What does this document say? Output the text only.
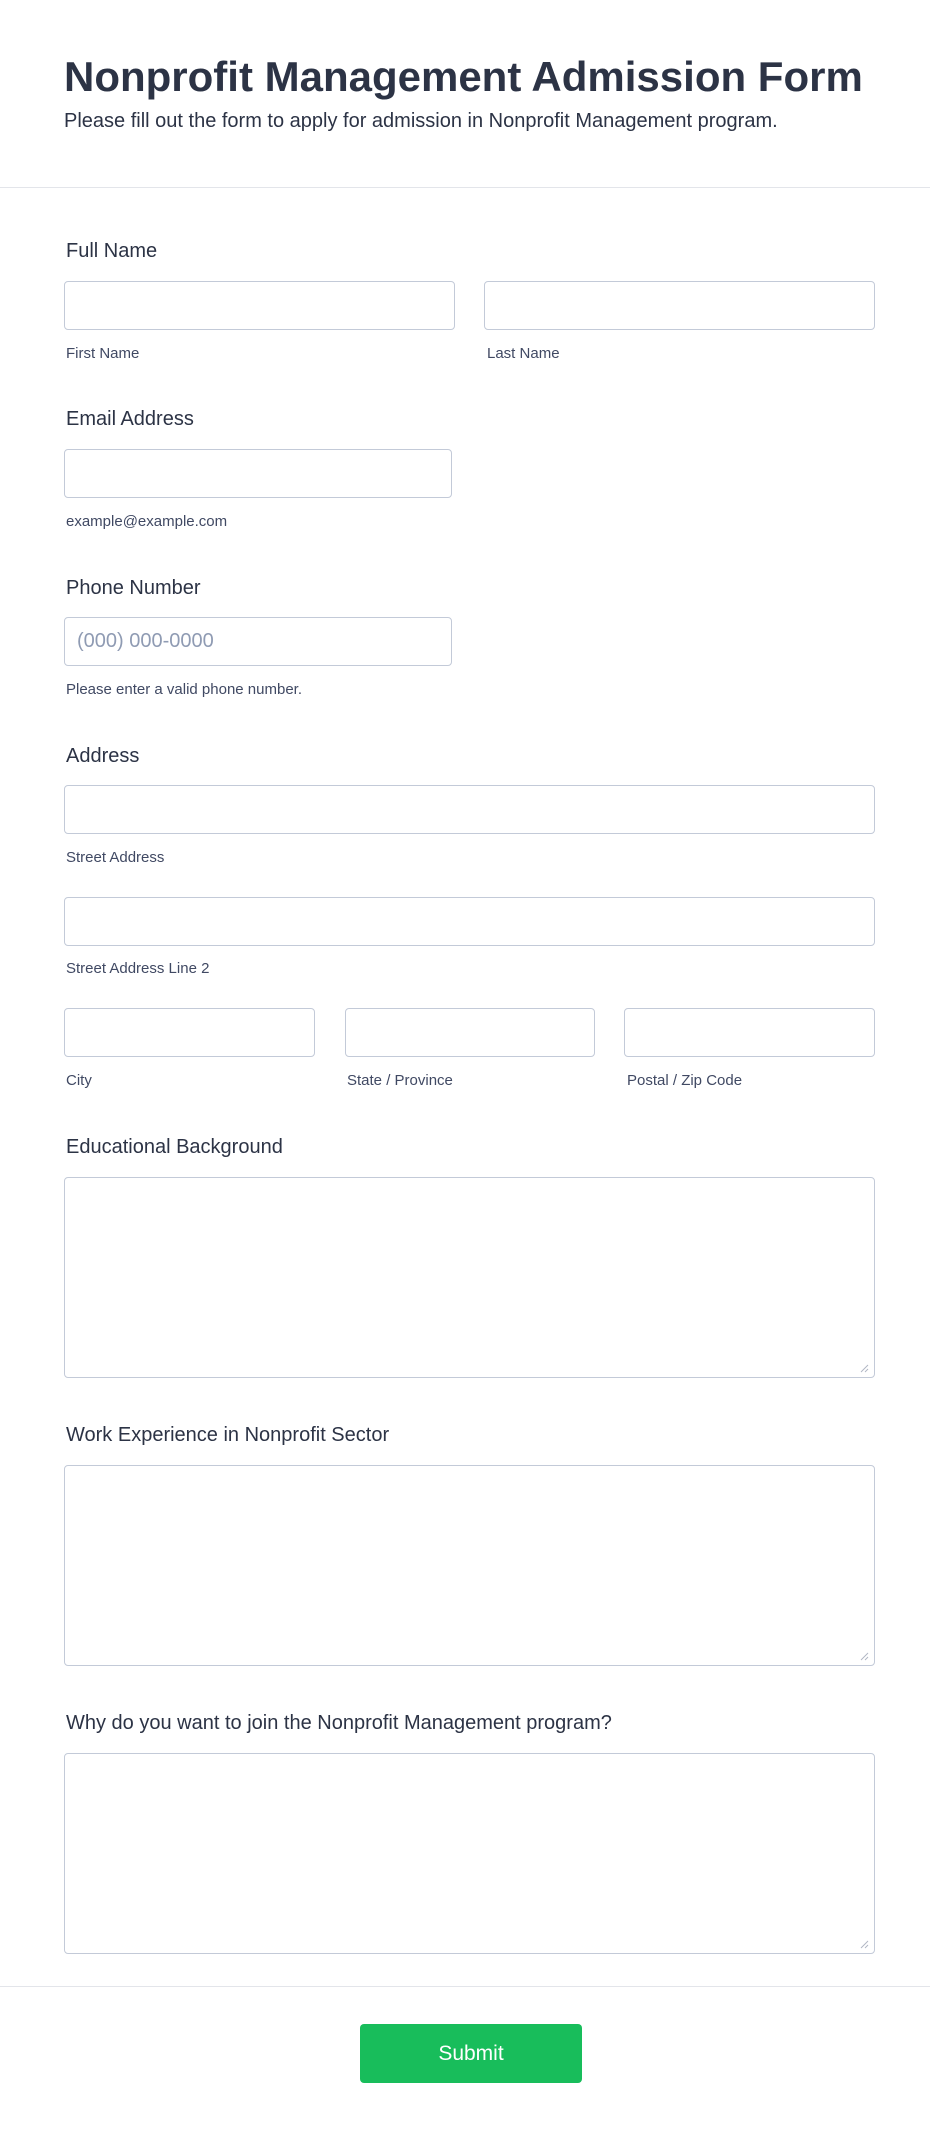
Nonprofit Management Admission Form

Please fill out the form to apply for admission in Nonprofit Management program.

Full Name
First Name	Last Name
Email Address
example@example.com
Phone Number
(000) 000-0000
Please enter a valid phone number.
Address
Street Address
Street Address Line 2
City	State / Province	Postal / Zip Code
Educational Background
Work Experience in Nonprofit Sector
Why do you want to join the Nonprofit Management program?
Submit
